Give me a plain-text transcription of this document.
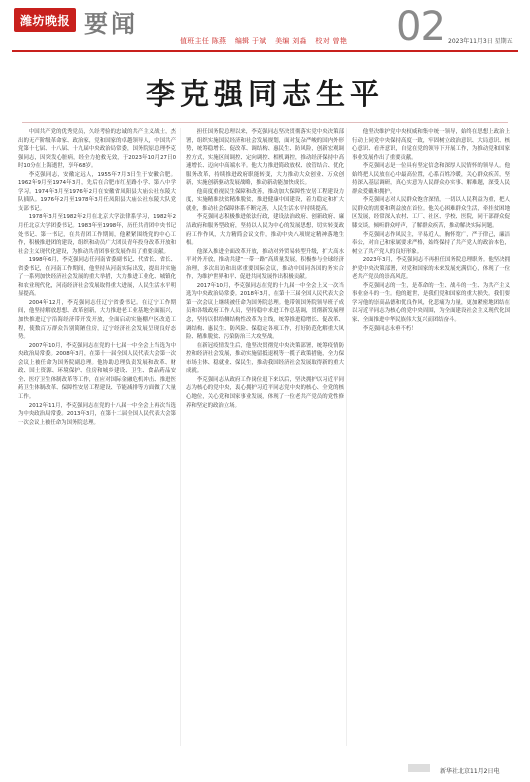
潍坊晚报 要闻
值班主任 陈燕 编辑 于斌 美编 刘淼 校对 曾艳 02 2023年11月3日 星期五
李克强同志生平

中国共产党的优秀党员，久经考验的忠诚的共产主义战士，杰出的无产阶级革命家、政治家，党和国家的卓越领导人，中国共产党第十七届、十八届、十九届中央政治局常委，国务院原总理李克强同志，因突发心脏病，经全力抢救无效，于2023年10月27日0时10分在上海逝世，享年68岁。

李克强同志，安徽定远人，1955年7月3日生于安徽合肥。1962年9月至1974年3月，先后在合肥市红星路小学、第八中学学习。1974年3月至1976年2月在安徽省凤阳县大庙公社东陵大队插队。1976年2月至1978年3月任凤阳县大庙公社东陵大队党支部书记。

1978年3月至1982年2月在北京大学法律系学习，1982年2月任北京大学团委书记。1983年至1998年，历任共青团中央书记处书记、第一书记，在共青团工作期间，他紧紧围绕党的中心工作，积极推进团的建设，组织和动员广大团员青年投身改革开放和社会主义现代化建设，为推动共青团事业发展作出了重要贡献。

1998年6月，李克强同志任河南省委副书记、代省长、省长、省委书记，在河南工作期间，他坚持从河南实际出发，提出并实施了一系列加快经济社会发展的重大举措，大力推进工业化、城镇化和农业现代化，河南经济社会发展取得重大进展，人民生活水平明显提高。

2004年12月，李克强同志任辽宁省委书记。在辽宁工作期间，他坚持解放思想、改革创新，大力推进老工业基地全面振兴，加快推进辽宁沿海经济带开发开放，全面启动实施棚户区改造工程，使数百万群众告别简陋住房，辽宁经济社会发展呈现良好态势。

2007年10月，李克强同志在党的十七届一中全会上当选为中央政治局常委。2008年3月，在第十一届全国人民代表大会第一次会议上被任命为国务院副总理。他协助总理负责发展和改革、财政、国土资源、环境保护、住房和城乡建设、卫生、食品药品安全、医疗卫生体制改革等工作，在应对国际金融危机冲击、推进医药卫生体制改革、保障性安居工程建设、节能减排等方面做了大量工作。

2012年11月，李克强同志在党的十八届一中全会上再次当选为中央政治局常委。2013年3月，在第十二届全国人民代表大会第一次会议上被任命为国务院总理。

担任国务院总理以来，李克强同志坚决贯彻落实党中央决策部署，组织实施国民经济和社会发展规划，面对复杂严峻的国内外形势，统筹稳增长、促改革、调结构、惠民生、防风险，创新宏观调控方式，实施区间调控、定向调控、相机调控，推动经济保持中高速增长、迈向中高端水平。他大力推进简政放权、放管结合、优化服务改革，持续推进政府职能转变，大力推动大众创业、万众创新，实施创新驱动发展战略，推动新动能加快成长。

他高度重视民生保障和改善，推动加大保障性安居工程建设力度，实施精准扶贫精准脱贫，推进健康中国建设，着力稳定和扩大就业，推动社会保障体系不断完善，人民生活水平持续提高。

李克强同志积极推进依法行政，建设法治政府、创新政府、廉洁政府和服务型政府，坚持以人民为中心的发展思想，切实转变政府工作作风，大力精简会议文件，推动中央八项规定精神落地生根。

他深入推进全面改革开放，推动对外贸易转型升级，扩大高水平对外开放，推动共建“一带一路”高质量发展，积极参与全球经济治理，多次出访和出席重要国际会议，推动中国同各国的务实合作，为维护世界和平、促进共同发展作出积极贡献。

2017年10月，李克强同志在党的十九届一中全会上又一次当选为中央政治局常委。2018年3月，在第十三届全国人民代表大会第一次会议上继续被任命为国务院总理。他带领国务院领导班子成员和各级政府工作人员，坚持稳中求进工作总基调，贯彻新发展理念，坚持以供给侧结构性改革为主线，统筹推进稳增长、促改革、调结构、惠民生、防风险、保稳定各项工作，打好防范化解重大风险、精准脱贫、污染防治三大攻坚战。

在新冠疫情发生后，他坚决贯彻党中央决策部署，统筹疫情防控和经济社会发展，推动实施留抵退税等一揽子政策措施，全力保市场主体、稳就业、保民生，推动我国经济社会发展取得新的重大成就。

李克强同志从政府工作岗位退下来以后，坚决拥护以习近平同志为核心的党中央，衷心拥护习近平同志党中央的核心、全党的核心地位，关心党和国家事业发展，体现了一位老共产党员的党性修养和坚定的政治立场。

他坚决维护党中央权威和集中统一领导，始终在思想上政治上行动上同党中央保持高度一致，牢固树立政治意识、大局意识、核心意识、看齐意识，自觉在党的领导下开展工作，为推动党和国家事业发展作出了重要贡献。

李克强同志是一位具有坚定信念和深厚人民情怀的领导人。他始终把人民放在心中最高位置，心系百姓冷暖，关心群众疾苦，坚持深入基层调研，真心实意为人民群众办实事、解难题，深受人民群众爱戴和拥护。

李克强同志对人民群众饱含深情，一切以人民利益为重，把人民群众的需要和利益放在首位。他关心困难群众生活，牵挂贫困地区发展，经常深入农村、工厂、社区、学校、医院，同干部群众促膝交谈，倾听群众呼声，了解群众疾苦，推动解决实际问题。

李克强同志作风民主，平易近人，胸怀宽广，严于律己，廉洁奉公，对自己和家属要求严格，始终保持了共产党人的政治本色，树立了共产党人的良好形象。

2023年3月，李克强同志不再担任国务院总理职务。他坚决拥护党中央决策部署，对党和国家的未来发展充满信心，体现了一位老共产党员的崇高风范。

李克强同志的一生，是革命的一生、战斗的一生、为共产主义事业奋斗的一生。他的逝世，是我们党和国家的重大损失。我们要学习他的崇高品德和优良作风，化悲痛为力量，更加紧密地团结在以习近平同志为核心的党中央周围，为全面建设社会主义现代化国家、全面推进中华民族伟大复兴而团结奋斗。

李克强同志永垂不朽！

新华社北京11月2日电
